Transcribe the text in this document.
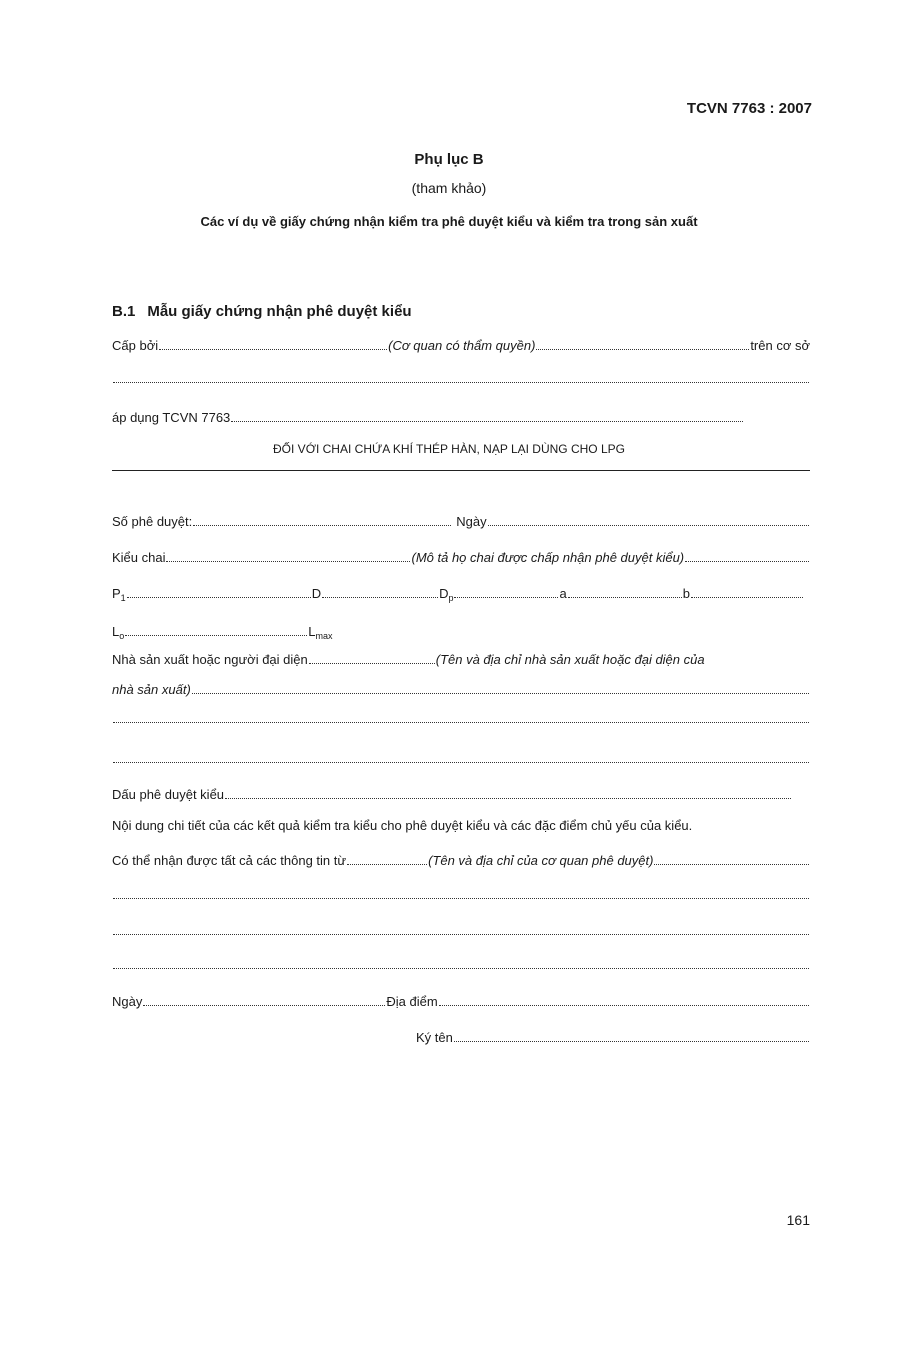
TCVN 7763 : 2007
Phụ lục B
(tham khảo)
Các ví dụ về giấy chứng nhận kiểm tra phê duyệt kiểu và kiểm tra trong sản xuất
B.1 Mẫu giấy chứng nhận phê duyệt kiểu
Cấp bởi	(Cơ quan có thẩm quyền)	trên cơ sở
áp dụng TCVN 7763
ĐỐI VỚI CHAI CHỨA KHÍ THÉP HÀN, NẠP LẠI DÙNG CHO LPG
Số phê duyệt:	Ngày
Kiểu chai	(Mô tả họ chai được chấp nhận phê duyệt kiểu)
$P_1$	D	$D_p$	a	b
$L_o$	$L_{max}$
Nhà sản xuất hoặc người đại diện	(Tên và địa chỉ nhà sản xuất hoặc đại diện của
nhà sản xuất)
Dấu phê duyệt kiểu
Nội dung chi tiết của các kết quả kiểm tra kiểu cho phê duyệt kiểu và các đặc điểm chủ yếu của kiểu.
Có thể nhận được tất cả các thông tin từ	(Tên và địa chỉ của cơ quan phê duyệt)
Ngày	Địa điểm
Ký tên
161
